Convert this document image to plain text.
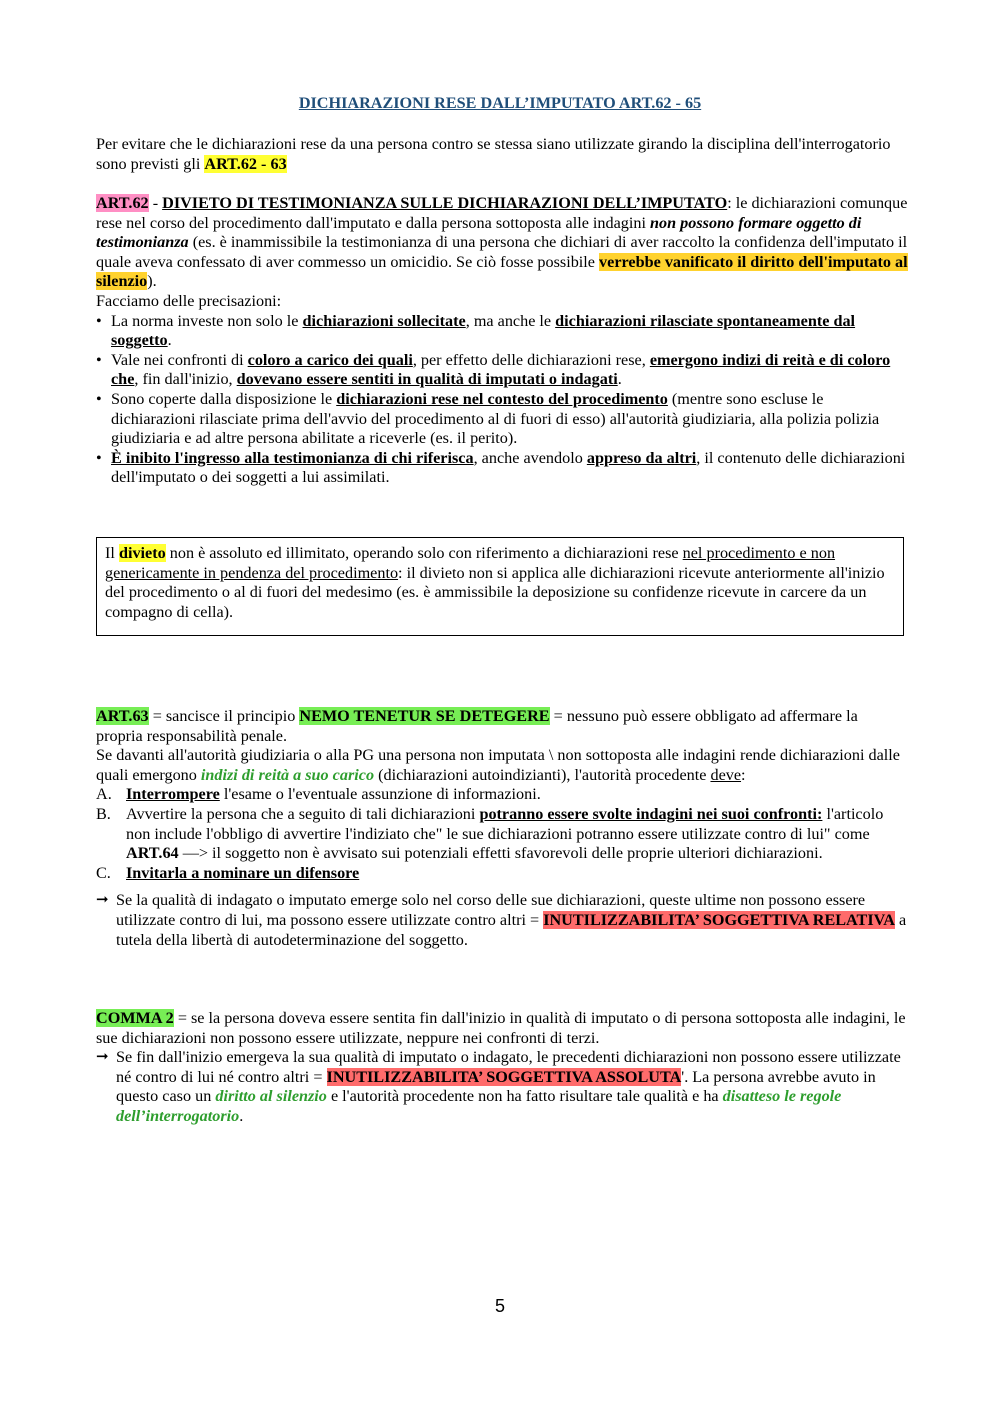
DICHIARAZIONI RESE DALL’IMPUTATO ART.62 - 65

Per evitare che le dichiarazioni rese da una persona contro se stessa siano utilizzate girando la disciplina dell'interrogatorio sono previsti gli ART.62 - 63

ART.62 - DIVIETO DI TESTIMONIANZA SULLE DICHIARAZIONI DELL’IMPUTATO: le dichiarazioni comunque rese nel corso del procedimento dall'imputato e dalla persona sottoposta alle indagini non possono formare oggetto di testimonianza (es. è inammissibile la testimonianza di una persona che dichiari di aver raccolto la confidenza dell'imputato il quale aveva confessato di aver commesso un omicidio. Se ciò fosse possibile verrebbe vanificato il diritto dell'imputato al silenzio).

Facciamo delle precisazioni:

• La norma investe non solo le dichiarazioni sollecitate, ma anche le dichiarazioni rilasciate spontaneamente dal soggetto.
• Vale nei confronti di coloro a carico dei quali, per effetto delle dichiarazioni rese, emergono indizi di reità e di coloro che, fin dall'inizio, dovevano essere sentiti in qualità di imputati o indagati.
• Sono coperte dalla disposizione le dichiarazioni rese nel contesto del procedimento (mentre sono escluse le dichiarazioni rilasciate prima dell'avvio del procedimento al di fuori di esso) all'autorità giudiziaria, alla polizia polizia giudiziaria e ad altre persona abilitate a riceverle (es. il perito).
• È inibito l'ingresso alla testimonianza di chi riferisca, anche avendolo appreso da altri, il contenuto delle dichiarazioni dell'imputato o dei soggetti a lui assimilati.

Il divieto non è assoluto ed illimitato, operando solo con riferimento a dichiarazioni rese nel procedimento e non genericamente in pendenza del procedimento: il divieto non si applica alle dichiarazioni ricevute anteriormente all'inizio del procedimento o al di fuori del medesimo (es. è ammissibile la deposizione su confidenze ricevute in carcere da un compagno di cella).

ART.63 = sancisce il principio NEMO TENETUR SE DETEGERE = nessuno può essere obbligato ad affermare la propria responsabilità penale.

Se davanti all'autorità giudiziaria o alla PG una persona non imputata \ non sottoposta alle indagini rende dichiarazioni dalle quali emergono indizi di reità a suo carico (dichiarazioni autoindizianti), l'autorità procedente deve:

A. Interrompere l'esame o l'eventuale assunzione di informazioni.
B. Avvertire la persona che a seguito di tali dichiarazioni potranno essere svolte indagini nei suoi confronti: l'articolo non include l'obbligo di avvertire l'indiziato che" le sue dichiarazioni potranno essere utilizzate contro di lui" come ART.64 —> il soggetto non è avvisato sui potenziali effetti sfavorevoli delle proprie ulteriori dichiarazioni.
C. Invitarla a nominare un difensore

➞ Se la qualità di indagato o imputato emerge solo nel corso delle sue dichiarazioni, queste ultime non possono essere utilizzate contro di lui, ma possono essere utilizzate contro altri = INUTILIZZABILITA’ SOGGETTIVA RELATIVA a tutela della libertà di autodeterminazione del soggetto.

COMMA 2 = se la persona doveva essere sentita fin dall'inizio in qualità di imputato o di persona sottoposta alle indagini, le sue dichiarazioni non possono essere utilizzate, neppure nei confronti di terzi.

➞ Se fin dall'inizio emergeva la sua qualità di imputato o indagato, le precedenti dichiarazioni non possono essere utilizzate né contro di lui né contro altri = INUTILIZZABILITA’ SOGGETTIVA ASSOLUTA'. La persona avrebbe avuto in questo caso un diritto al silenzio e l'autorità procedente non ha fatto risultare tale qualità e ha disatteso le regole dell’interrogatorio.

5
